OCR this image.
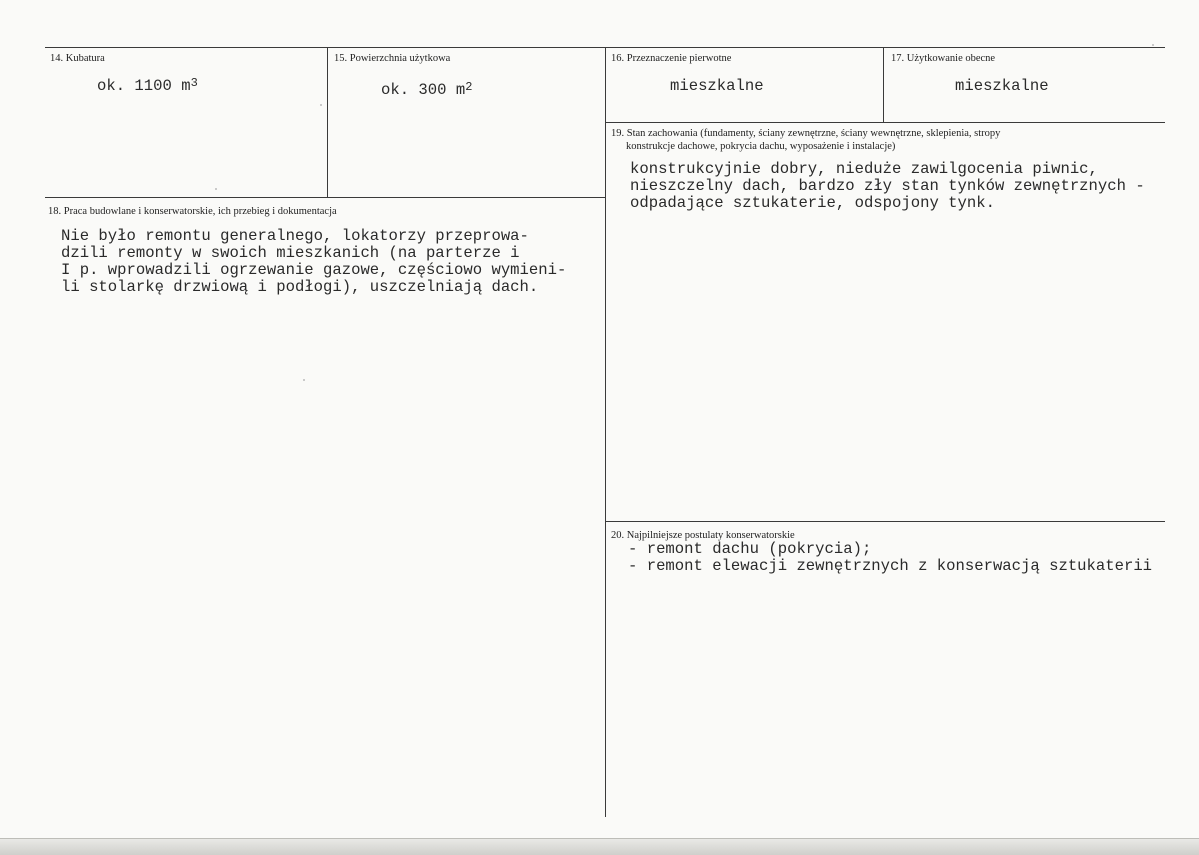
14. Kubatura
ok. 1100 $m^3$
15. Powierzchnia użytkowa
ok. 300 $m^2$
16. Przeznaczenie pierwotne
mieszkalne
17. Użytkowanie obecne
mieszkalne
19. Stan zachowania (fundamenty, ściany zewnętrzne, ściany wewnętrzne, sklepienia, stropy
konstrukcje dachowe, pokrycia dachu, wyposażenie i instalacje)
konstrukcyjnie dobry, nieduże zawilgocenia piwnic,
nieszczelny dach, bardzo zły stan tynków zewnętrznych -
odpadające sztukaterie, odspojony tynk.
18. Praca budowlane i konserwatorskie, ich przebieg i dokumentacja
Nie było remontu generalnego, lokatorzy przeprowa-
dzili remonty w swoich mieszkanich (na parterze i
I p. wprowadzili ogrzewanie gazowe, częściowo wymieni-
li stolarkę drzwiową i podłogi), uszczelniają dach.
20. Najpilniejsze postulaty konserwatorskie
- remont dachu (pokrycia);
- remont elewacji zewnętrznych z konserwacją sztukaterii
